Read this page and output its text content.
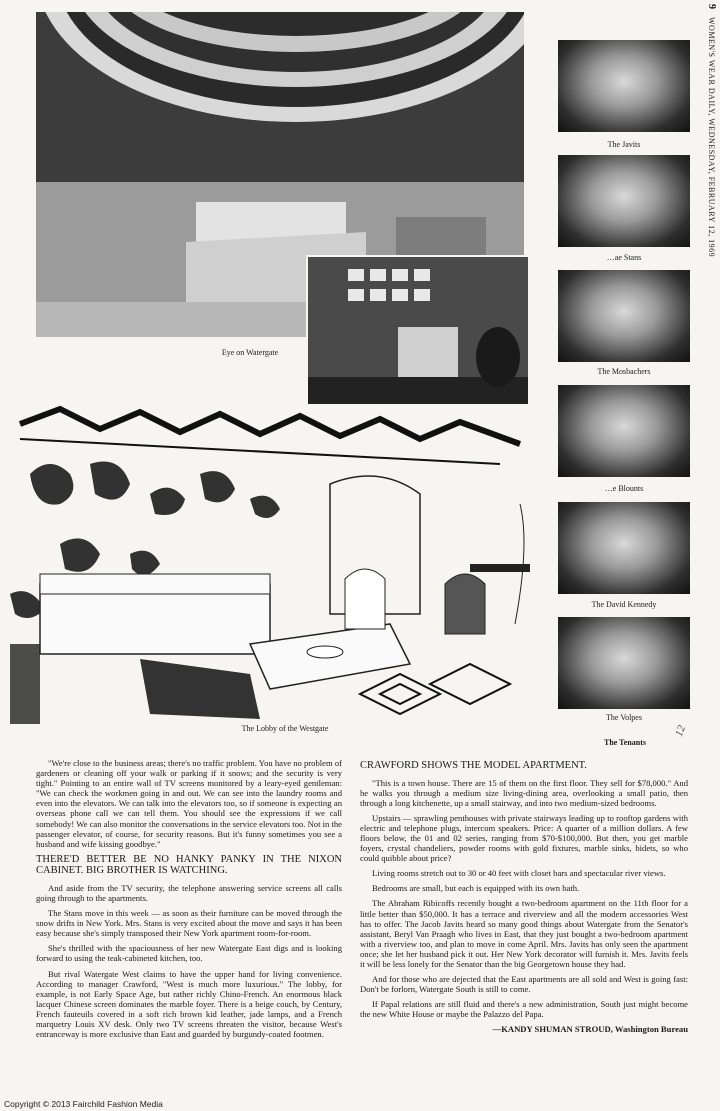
Eye on Watergate
The Lobby of the Westgate
The Javits
…ae Stans
The Mosbachers
…e Blounts
The David Kennedy
The Volpes
The Tenants
9   WOMEN'S WEAR DAILY, WEDNESDAY, FEBRUARY 12, 1969
12

"We're close to the business areas; there's no traffic problem. You have no problem of gardeners or cleaning off your walk or parking if it snows; and the security is very tight." Pointing to an entire wall of TV screens monitored by a leary-eyed gentleman: "We can check the workmen going in and out. We can see into the laundry rooms and even into the elevators. We can talk into the elevators too, so if someone is expecting an overseas phone call we can tell them. You should see the expressions if we call somebody! We can also monitor the conversations in the service elevators too. Not in the passenger elevator, of course, for security reasons. But it's funny sometimes you see a husband and wife kissing goodbye."

THERE'D BETTER BE NO HANKY PANKY IN THE NIXON CABINET. BIG BROTHER IS WATCHING.

And aside from the TV security, the telephone answering service screens all calls going through to the apartments.

The Stans move in this week — as soon as their furniture can be moved through the snow drifts in New York. Mrs. Stans is very excited about the move and says it has been easy because she's simply transposed their New York apartment room-for-room.

She's thrilled with the spaciousness of her new Watergate East digs and is looking forward to using the teak-cabineted kitchen, too.

But rival Watergate West claims to have the upper hand for living convenience. According to manager Crawford, "West is much more luxurious." The lobby, for example, is not Early Space Age, but rather richly Chino-French. An enormous black lacquer Chinese screen dominates the marble foyer. There is a beige couch, by Century, French fauteuils covered in a soft rich brown kid leather, jade lamps, and a French marquetry Louis XV desk. Only two TV screens threaten the visitor, because West's entranceway is more exclusive than East and guarded by burgundy-coated footmen.

CRAWFORD SHOWS THE MODEL APARTMENT.

"This is a town house. There are 15 of them on the first floor. They sell for $78,000." And he walks you through a medium size living-dining area, overlooking a small patio, then through a long kitchenette, up a small stairway, and into two medium-sized bedrooms.

Upstairs — sprawling penthouses with private stairways leading up to rooftop gardens with electric and telephone plugs, intercom speakers. Price: A quarter of a million dollars. A few floors below, the 01 and 02 series, ranging from $70-$100,000. But then, you get marble foyers, crystal chandeliers, powder rooms with gold fixtures, marble sinks, bidets, so who could quibble about price?

Living rooms stretch out to 30 or 40 feet with closet bars and spectacular river views.

Bedrooms are small, but each is equipped with its own bath.

The Abraham Ribicoffs recently bought a two-bedroom apartment on the 11th floor for a little better than $50,000. It has a terrace and riverview and all the modern accessories West has to offer. The Jacob Javits heard so many good things about Watergate from the Senator's assistant, Beryl Van Praagh who lives in East, that they just bought a two-bedroom apartment with a riverview too, and plan to move in come April. Mrs. Javits has only seen the apartment once; she let her husband pick it out. Her New York decorator will furnish it. Mrs. Javits feels it will be less lonely for the Senator than the big Georgetown house they had.

And for those who are dejected that the East apartments are all sold and West is going fast: Don't be forlorn, Watergate South is still to come.

If Papal relations are still fluid and there's a new administration, South just might become the new White House or maybe the Palazzo del Papa.

—KANDY SHUMAN STROUD, Washington Bureau
Copyright © 2013 Fairchild Fashion Media
